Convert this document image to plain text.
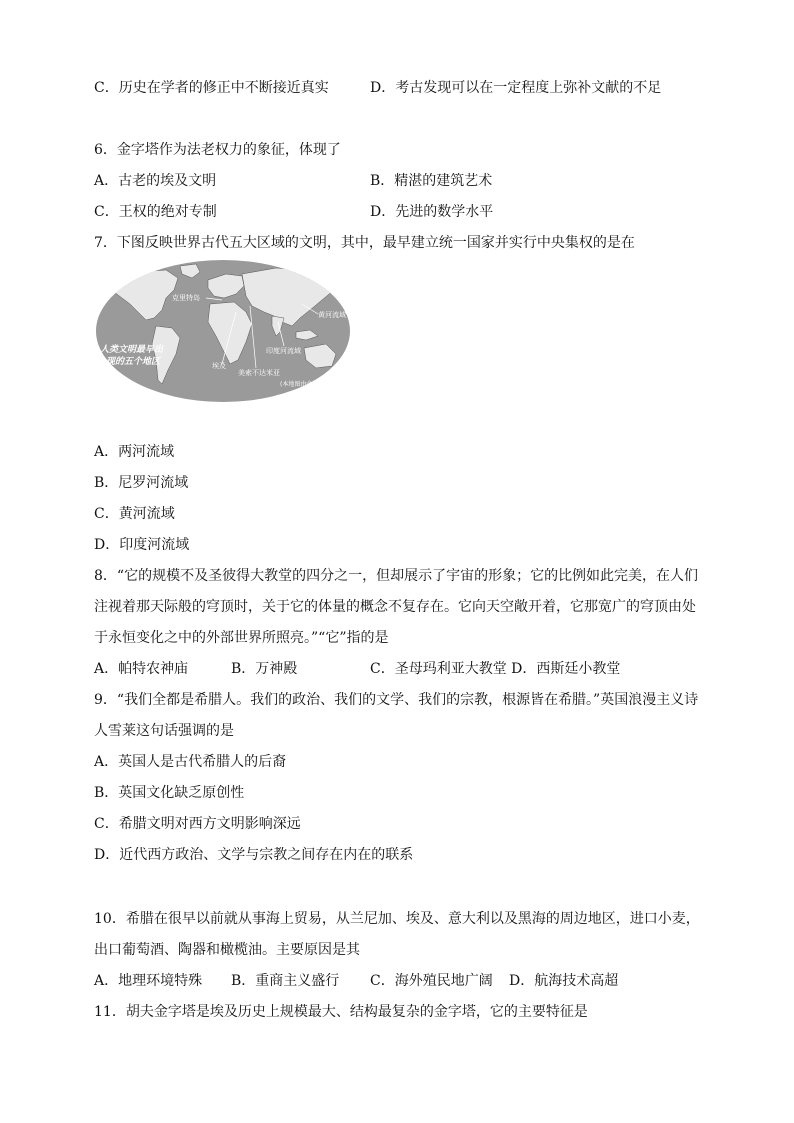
C．历史在学者的修正中不断接近真实	D．考古发现可以在一定程度上弥补文献的不足
6．金字塔作为法老权力的象征，体现了
A．古老的埃及文明	B．精湛的建筑艺术
C．王权的绝对专制	D．先进的数学水平
7．下图反映世界古代五大区域的文明，其中，最早建立统一国家并实行中央集权的是在
克里特岛
黄河流域
印度河流域
埃及
美索不达米亚
人类文明最早出
现的五个地区
(本地图由命题制作)
A．两河流域
B．尼罗河流域
C．黄河流域
D．印度河流域
8．“它的规模不及圣彼得大教堂的四分之一，但却展示了宇宙的形象；它的比例如此完美，在人们
注视着那天际般的穹顶时，关于它的体量的概念不复存在。它向天空敞开着，它那宽广的穹顶由处
于永恒变化之中的外部世界所照亮。”“它”指的是
A．帕特农神庙	B．万神殿	C．圣母玛利亚大教堂 D．西斯廷小教堂
9．“我们全都是希腊人。我们的政治、我们的文学、我们的宗教，根源皆在希腊。”英国浪漫主义诗
人雪莱这句话强调的是
A．英国人是古代希腊人的后裔
B．英国文化缺乏原创性
C．希腊文明对西方文明影响深远
D．近代西方政治、文学与宗教之间存在内在的联系
10．希腊在很早以前就从事海上贸易，从兰尼加、埃及、意大利以及黑海的周边地区，进口小麦，
出口葡萄酒、陶器和橄榄油。主要原因是其
A．地理环境特殊 B．重商主义盛行 C．海外殖民地广阔 D．航海技术高超
11．胡夫金字塔是埃及历史上规模最大、结构最复杂的金字塔，它的主要特征是
